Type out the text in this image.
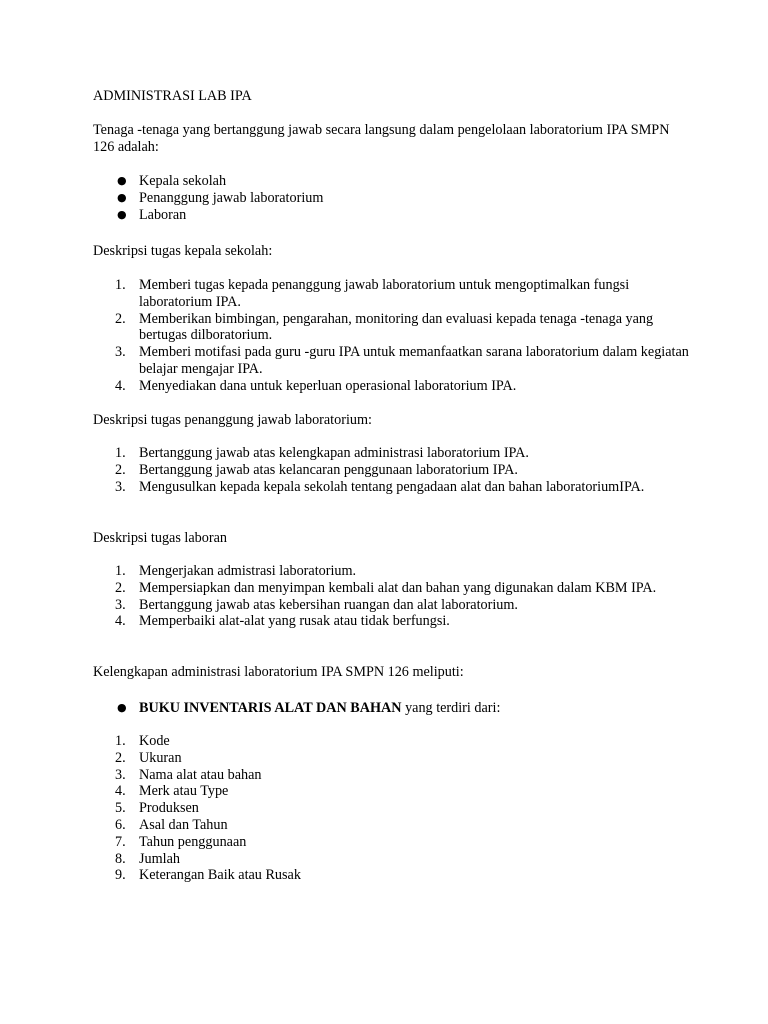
ADMINISTRASI LAB IPA
Tenaga -tenaga yang bertanggung jawab secara langsung dalam pengelolaan laboratorium IPA SMPN 126 adalah:
● Kepala sekolah
● Penanggung jawab laboratorium
● Laboran
Deskripsi tugas kepala sekolah:
1. Memberi tugas kepada penanggung jawab laboratorium untuk mengoptimalkan fungsi laboratorium IPA.
2. Memberikan bimbingan, pengarahan, monitoring dan evaluasi kepada tenaga -tenaga yang bertugas dilboratorium.
3. Memberi motifasi pada guru -guru IPA untuk memanfaatkan sarana laboratorium dalam kegiatan belajar mengajar IPA.
4. Menyediakan dana untuk keperluan operasional laboratorium IPA.
Deskripsi tugas penanggung jawab laboratorium:
1. Bertanggung jawab atas kelengkapan administrasi laboratorium IPA.
2. Bertanggung jawab atas kelancaran penggunaan laboratorium IPA.
3. Mengusulkan kepada kepala sekolah tentang pengadaan alat dan bahan laboratoriumIPA.
Deskripsi tugas laboran
1. Mengerjakan admistrasi laboratorium.
2. Mempersiapkan dan menyimpan kembali alat dan bahan yang digunakan dalam KBM IPA.
3. Bertanggung jawab atas kebersihan ruangan dan alat laboratorium.
4. Memperbaiki alat-alat yang rusak atau tidak berfungsi.
Kelengkapan administrasi laboratorium IPA SMPN 126 meliputi:
● BUKU INVENTARIS ALAT DAN BAHAN yang terdiri dari:
1. Kode
2. Ukuran
3. Nama alat atau bahan
4. Merk atau Type
5. Produksen
6. Asal dan Tahun
7. Tahun penggunaan
8. Jumlah
9. Keterangan Baik atau Rusak
